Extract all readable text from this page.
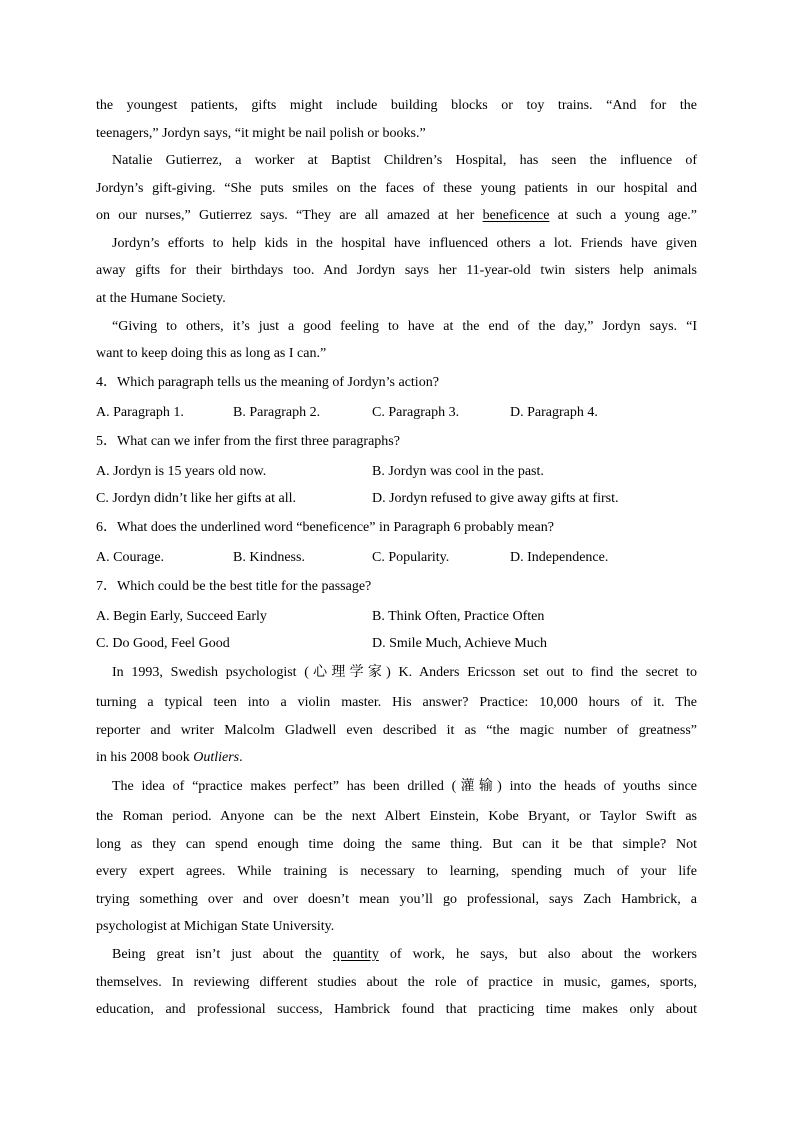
the youngest patients, gifts might include building blocks or toy trains. “And for the
teenagers,” Jordyn says, “it might be nail polish or books.”
Natalie Gutierrez, a worker at Baptist Children’s Hospital, has seen the influence of
Jordyn’s gift-giving. “She puts smiles on the faces of these young patients in our hospital and
on our nurses,” Gutierrez says. “They are all amazed at her beneficence at such a young age.”
Jordyn’s efforts to help kids in the hospital have influenced others a lot. Friends have given
away gifts for their birthdays too. And Jordyn says her 11-year-old twin sisters help animals
at the Humane Society.
“Giving to others, it’s just a good feeling to have at the end of the day,” Jordyn says. “I
want to keep doing this as long as I can.”
4．Which paragraph tells us the meaning of Jordyn’s action?
A. Paragraph 1.	B. Paragraph 2.	C. Paragraph 3.	D. Paragraph 4.
5．What can we infer from the first three paragraphs?
A. Jordyn is 15 years old now.	B. Jordyn was cool in the past.
C. Jordyn didn’t like her gifts at all.	D. Jordyn refused to give away gifts at first.
6．What does the underlined word “beneficence” in Paragraph 6 probably mean?
A. Courage.	B. Kindness.	C. Popularity.	D. Independence.
7．Which could be the best title for the passage?
A. Begin Early, Succeed Early	B. Think Often, Practice Often
C. Do Good, Feel Good	D. Smile Much, Achieve Much
In 1993, Swedish psychologist (心理学家) K. Anders Ericsson set out to find the secret to
turning a typical teen into a violin master. His answer? Practice: 10,000 hours of it. The
reporter and writer Malcolm Gladwell even described it as “the magic number of greatness”
in his 2008 book Outliers.
The idea of “practice makes perfect” has been drilled (灌输) into the heads of youths since
the Roman period. Anyone can be the next Albert Einstein, Kobe Bryant, or Taylor Swift as
long as they can spend enough time doing the same thing. But can it be that simple? Not
every expert agrees. While training is necessary to learning, spending much of your life
trying something over and over doesn’t mean you’ll go professional, says Zach Hambrick, a
psychologist at Michigan State University.
Being great isn’t just about the quantity of work, he says, but also about the workers
themselves. In reviewing different studies about the role of practice in music, games, sports,
education, and professional success, Hambrick found that practicing time makes only about
